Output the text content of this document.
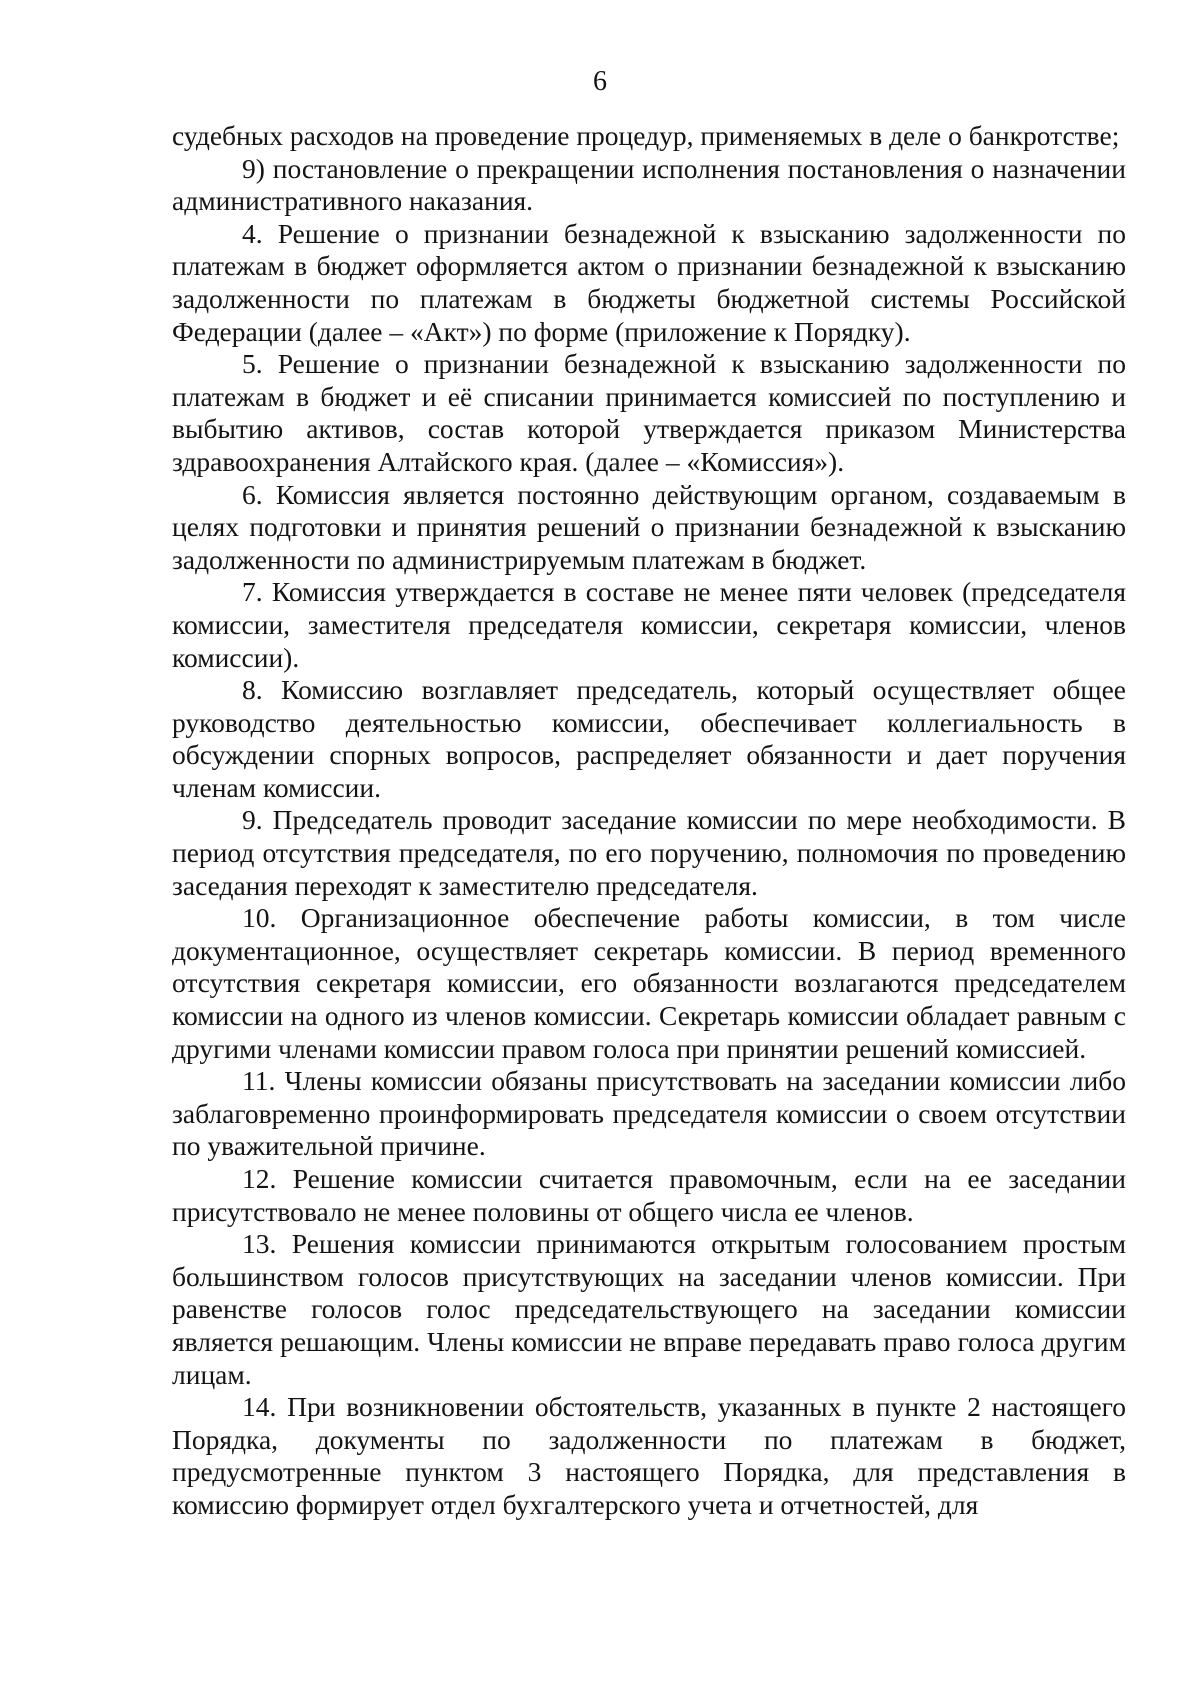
6

судебных расходов на проведение процедур, применяемых в деле о банкротстве;

9) постановление о прекращении исполнения постановления о назначении административного наказания.

4. Решение о признании безнадежной к взысканию задолженности по платежам в бюджет оформляется актом о признании безнадежной к взысканию задолженности по платежам в бюджеты бюджетной системы Российской Федерации (далее – «Акт») по форме (приложение к Порядку).

5. Решение о признании безнадежной к взысканию задолженности по платежам в бюджет и её списании принимается комиссией по поступлению и выбытию активов, состав которой утверждается приказом Министерства здравоохранения Алтайского края. (далее – «Комиссия»).

6. Комиссия является постоянно действующим органом, создаваемым в целях подготовки и принятия решений о признании безнадежной к взысканию задолженности по администрируемым платежам в бюджет.

7. Комиссия утверждается в составе не менее пяти человек (председателя комиссии, заместителя председателя комиссии, секретаря комиссии, членов комиссии).

8. Комиссию возглавляет председатель, который осуществляет общее руководство деятельностью комиссии, обеспечивает коллегиальность в обсуждении спорных вопросов, распределяет обязанности и дает поручения членам комиссии.

9. Председатель проводит заседание комиссии по мере необходимости. В период отсутствия председателя, по его поручению, полномочия по проведению заседания переходят к заместителю председателя.

10. Организационное обеспечение работы комиссии, в том числе документационное, осуществляет секретарь комиссии. В период временного отсутствия секретаря комиссии, его обязанности возлагаются председателем комиссии на одного из членов комиссии. Секретарь комиссии обладает равным с другими членами комиссии правом голоса при принятии решений комиссией.

11. Члены комиссии обязаны присутствовать на заседании комиссии либо заблаговременно проинформировать председателя комиссии о своем отсутствии по уважительной причине.

12. Решение комиссии считается правомочным, если на ее заседании присутствовало не менее половины от общего числа ее членов.

13. Решения комиссии принимаются открытым голосованием простым большинством голосов присутствующих на заседании членов комиссии. При равенстве голосов голос председательствующего на заседании комиссии является решающим. Члены комиссии не вправе передавать право голоса другим лицам.

14. При возникновении обстоятельств, указанных в пункте 2 настоящего Порядка, документы по задолженности по платежам в бюджет, предусмотренные пунктом 3 настоящего Порядка, для представления в комиссию формирует отдел бухгалтерского учета и отчетностей, для
